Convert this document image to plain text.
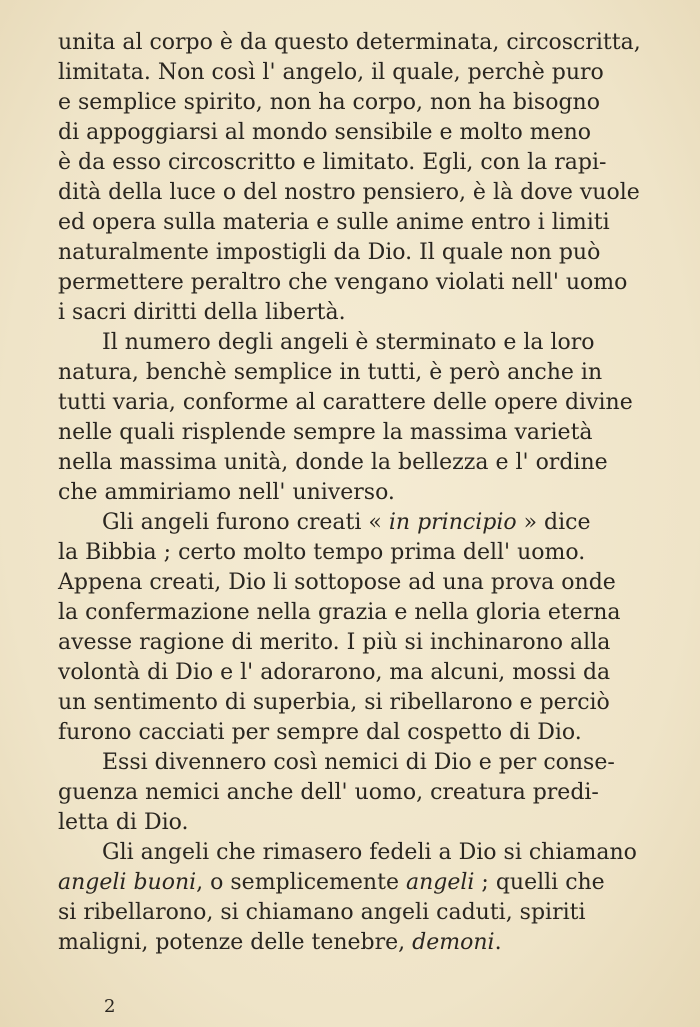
unita al corpo è da questo determinata, circoscritta,
limitata. Non così l' angelo, il quale, perchè puro
e semplice spirito, non ha corpo, non ha bisogno
di appoggiarsi al mondo sensibile e molto meno
è da esso circoscritto e limitato. Egli, con la rapi-
dità della luce o del nostro pensiero, è là dove vuole
ed opera sulla materia e sulle anime entro i limiti
naturalmente impostigli da Dio. Il quale non può
permettere peraltro che vengano violati nell' uomo
i sacri diritti della libertà.
Il numero degli angeli è sterminato e la loro
natura, benchè semplice in tutti, è però anche in
tutti varia, conforme al carattere delle opere divine
nelle quali risplende sempre la massima varietà
nella massima unità, donde la bellezza e l' ordine
che ammiriamo nell' universo.
Gli angeli furono creati « in principio » dice
la Bibbia ; certo molto tempo prima dell' uomo.
Appena creati, Dio li sottopose ad una prova onde
la confermazione nella grazia e nella gloria eterna
avesse ragione di merito. I più si inchinarono alla
volontà di Dio e l' adorarono, ma alcuni, mossi da
un sentimento di superbia, si ribellarono e perciò
furono cacciati per sempre dal cospetto di Dio.
Essi divennero così nemici di Dio e per conse-
guenza nemici anche dell' uomo, creatura predi-
letta di Dio.
Gli angeli che rimasero fedeli a Dio si chiamano
angeli buoni, o semplicemente angeli ; quelli che
si ribellarono, si chiamano angeli caduti, spiriti
maligni, potenze delle tenebre, demoni.
2
